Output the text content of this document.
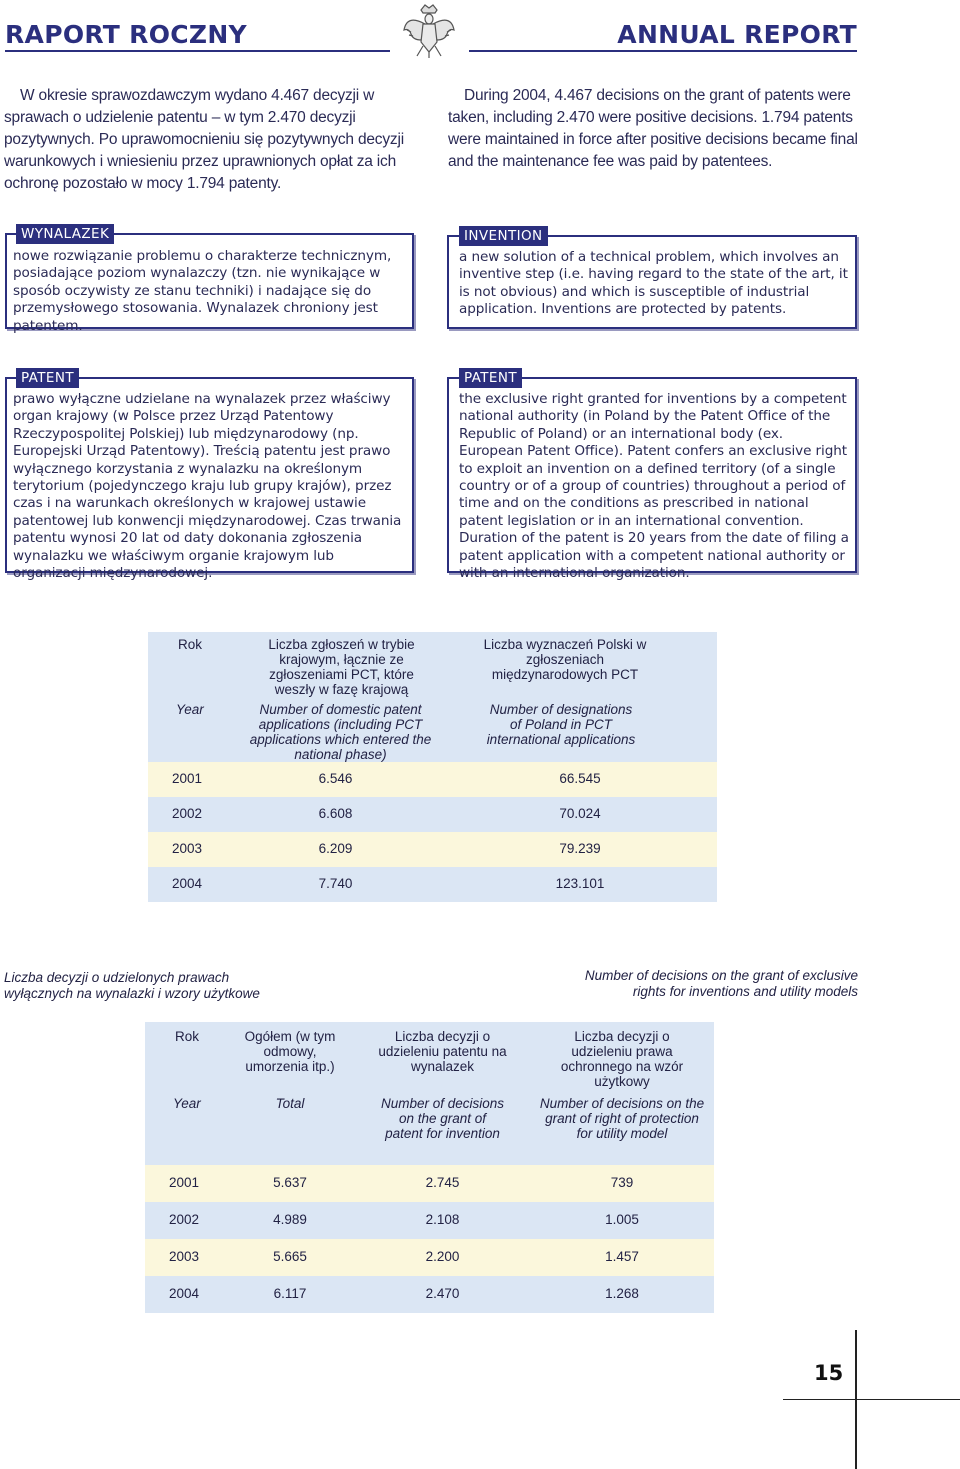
RAPORT ROCZNY	ANNUAL REPORT
W okresie sprawozdawczym wydano 4.467 decyzji w sprawach o udzielenie patentu – w tym 2.470 decyzji pozytywnych. Po uprawomocnieniu się pozytywnych decyzji warunkowych i wniesieniu przez uprawnionych opłat za ich ochronę pozostało w mocy 1.794 patenty.
During 2004, 4.467 decisions on the grant of patents were taken, including 2.470 were positive decisions. 1.794 patents were maintained in force after positive decisions became final and the maintenance fee was paid by patentees.
WYNALAZEK
nowe rozwiązanie problemu o charakterze technicznym, posiadające poziom wynalazczy (tzn. nie wynikające w sposób oczywisty ze stanu techniki) i nadające się do przemysłowego stosowania. Wynalazek chroniony jest patentem.
INVENTION
a new solution of a technical problem, which involves an inventive step (i.e. having regard to the state of the art, it is not obvious) and which is susceptible of industrial application. Inventions are protected by patents.
PATENT
prawo wyłączne udzielane na wynalazek przez właściwy organ krajowy (w Polsce przez Urząd Patentowy Rzeczypospolitej Polskiej) lub międzynarodowy (np. Europejski Urząd Patentowy). Treścią patentu jest prawo wyłącznego korzystania z wynalazku na określonym terytorium (pojedynczego kraju lub grupy krajów), przez czas i na warunkach określonych w krajowej ustawie patentowej lub konwencji międzynarodowej. Czas trwania patentu wynosi 20 lat od daty dokonania zgłoszenia wynalazku we właściwym organie krajowym lub organizacji międzynarodowej.
PATENT
the exclusive right granted for inventions by a competent national authority (in Poland by the Patent Office of the Republic of Poland) or an international body (ex. European Patent Office). Patent confers an exclusive right to exploit an invention on a defined territory (of a single country or of a group of countries) throughout a period of time and on the conditions as prescribed in national patent legislation or in an international convention. Duration of the patent is 20 years from the date of filing a patent application with a competent national authority or with an international organization.
Rok	Liczba zgłoszeń w trybie krajowym, łącznie ze zgłoszeniami PCT, które weszły w fazę krajową	Liczba wyznaczeń Polski w zgłoszeniach międzynarodowych PCT
Year	Number of domestic patent applications (including PCT applications which entered the national phase)	Number of designations of Poland in PCT international applications
2001	6.546	66.545
2002	6.608	70.024
2003	6.209	79.239
2004	7.740	123.101
Liczba decyzji o udzielonych prawach wyłącznych na wynalazki i wzory użytkowe
Number of decisions on the grant of exclusive rights for inventions and utility models
Rok	Ogółem (w tym odmowy, umorzenia itp.)	Liczba decyzji o udzieleniu patentu na wynalazek	Liczba decyzji o udzieleniu prawa ochronnego na wzór użytkowy
Year	Total	Number of decisions on the grant of patent for invention	Number of decisions on the grant of right of protection for utility model
2001	5.637	2.745	739
2002	4.989	2.108	1.005
2003	5.665	2.200	1.457
2004	6.117	2.470	1.268
15
